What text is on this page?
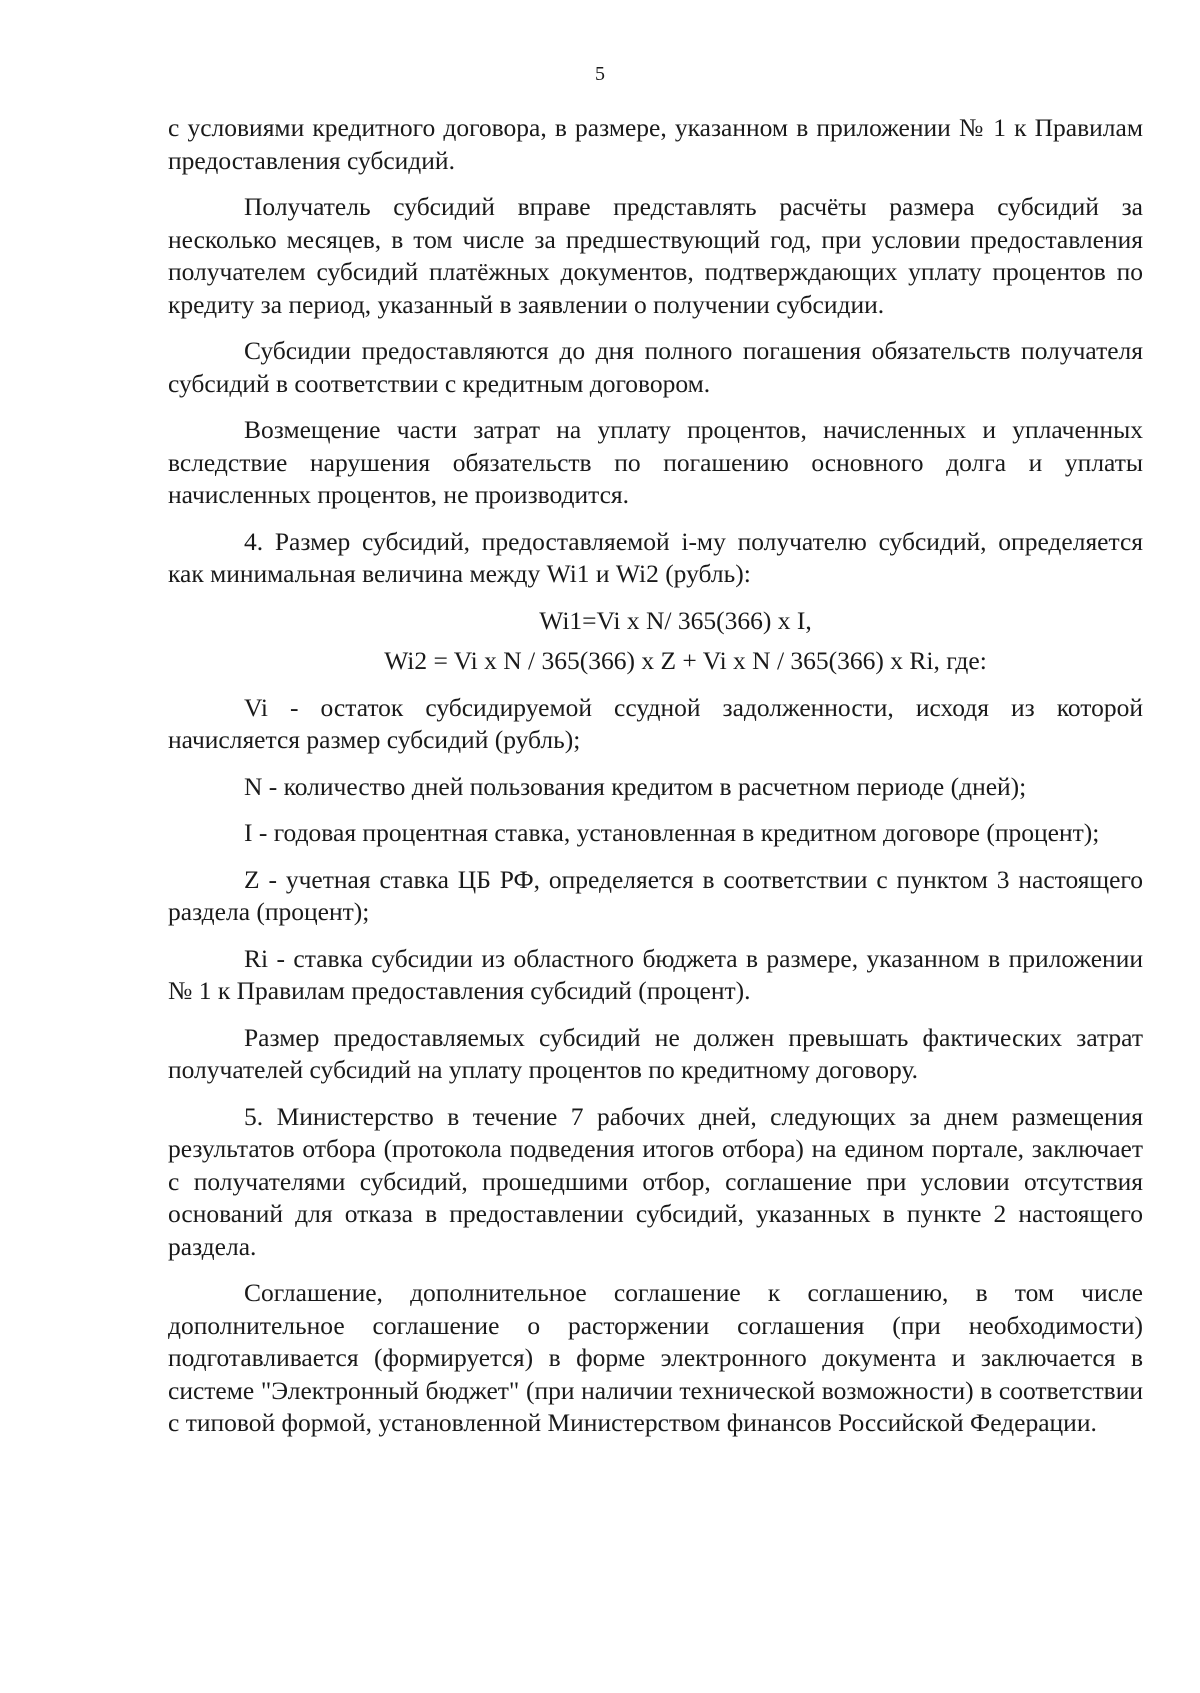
5

с условиями кредитного договора, в размере, указанном в приложении № 1 к Правилам предоставления субсидий.

Получатель субсидий вправе представлять расчёты размера субсидий за несколько месяцев, в том числе за предшествующий год, при условии предоставления получателем субсидий платёжных документов, подтверждающих уплату процентов по кредиту за период, указанный в заявлении о получении субсидии.

Субсидии предоставляются до дня полного погашения обязательств получателя субсидий в соответствии с кредитным договором.

Возмещение части затрат на уплату процентов, начисленных и уплаченных вследствие нарушения обязательств по погашению основного долга и уплаты начисленных процентов, не производится.

4. Размер субсидий, предоставляемой i-му получателю субсидий, определяется как минимальная величина между Wi1 и Wi2 (рубль):

Wi1=Vi x N/ 365(366) x I,

Wi2 = Vi x N / 365(366) x Z + Vi x N / 365(366) x Ri, где:

Vi - остаток субсидируемой ссудной задолженности, исходя из которой начисляется размер субсидий (рубль);

N - количество дней пользования кредитом в расчетном периоде (дней);

I - годовая процентная ставка, установленная в кредитном договоре (процент);

Z - учетная ставка ЦБ РФ, определяется в соответствии с пунктом 3 настоящего раздела (процент);

Ri - ставка субсидии из областного бюджета в размере, указанном в приложении № 1 к Правилам предоставления субсидий (процент).

Размер предоставляемых субсидий не должен превышать фактических затрат получателей субсидий на уплату процентов по кредитному договору.

5. Министерство в течение 7 рабочих дней, следующих за днем размещения результатов отбора (протокола подведения итогов отбора) на едином портале, заключает с получателями субсидий, прошедшими отбор, соглашение при условии отсутствия оснований для отказа в предоставлении субсидий, указанных в пункте 2 настоящего раздела.

Соглашение, дополнительное соглашение к соглашению, в том числе дополнительное соглашение о расторжении соглашения (при необходимости) подготавливается (формируется) в форме электронного документа и заключается в системе "Электронный бюджет" (при наличии технической возможности) в соответствии с типовой формой, установленной Министерством финансов Российской Федерации.
